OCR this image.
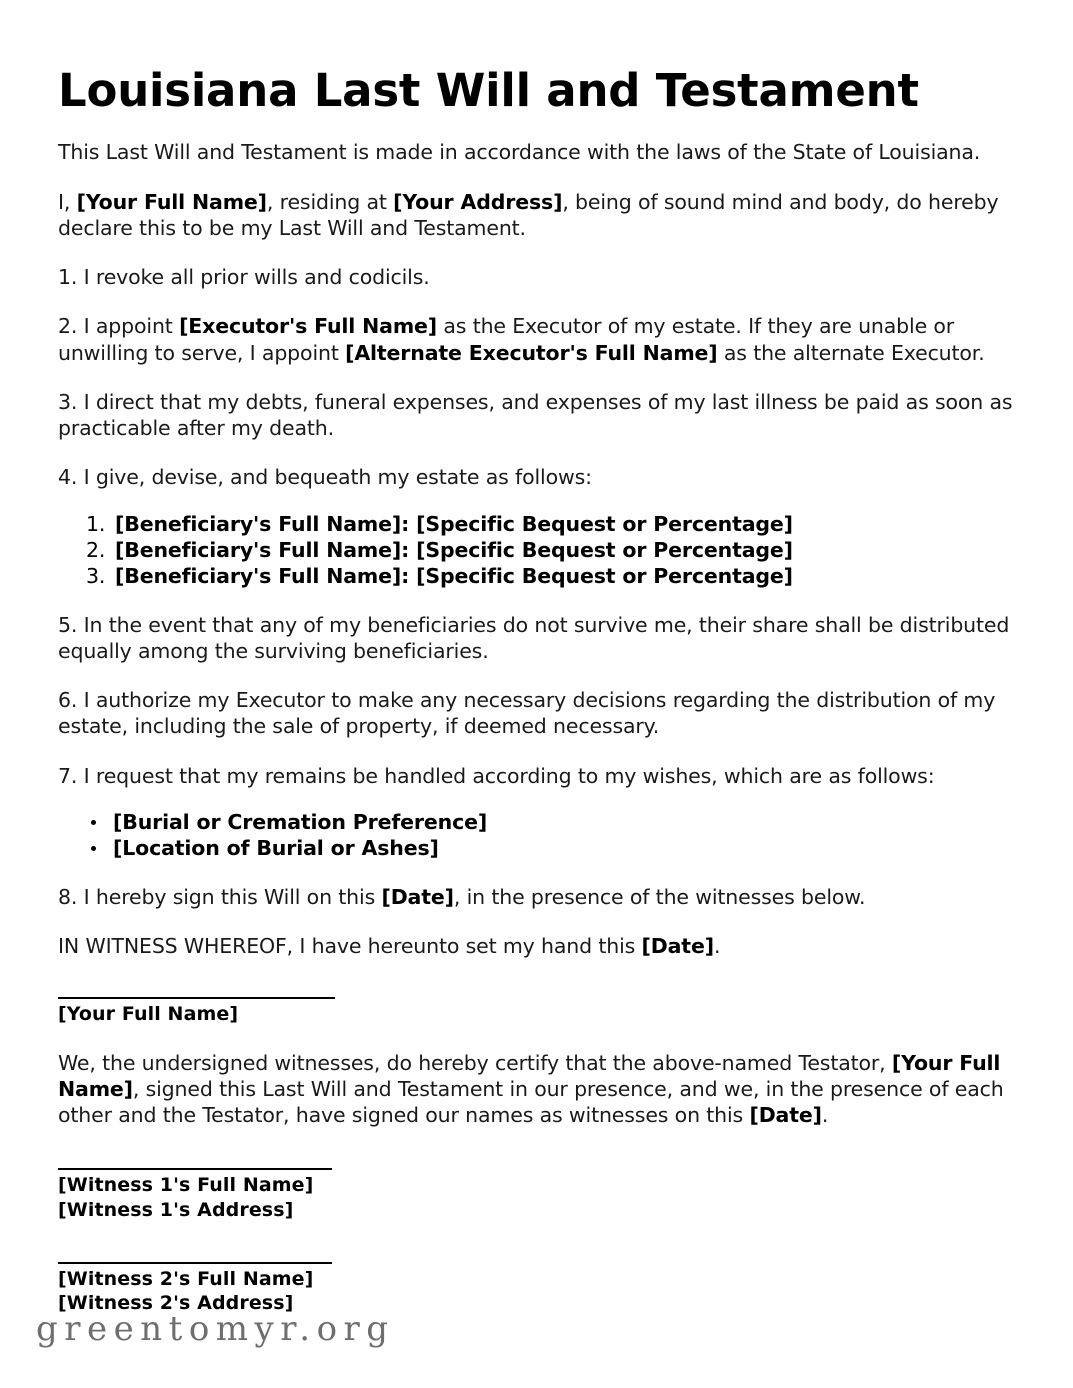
Louisiana Last Will and Testament

This Last Will and Testament is made in accordance with the laws of the State of Louisiana.

I, [Your Full Name], residing at [Your Address], being of sound mind and body, do hereby declare this to be my Last Will and Testament.

1. I revoke all prior wills and codicils.

2. I appoint [Executor's Full Name] as the Executor of my estate. If they are unable or unwilling to serve, I appoint [Alternate Executor's Full Name] as the alternate Executor.

3. I direct that my debts, funeral expenses, and expenses of my last illness be paid as soon as practicable after my death.

4. I give, devise, and bequeath my estate as follows:

[Beneficiary's Full Name]: [Specific Bequest or Percentage]
[Beneficiary's Full Name]: [Specific Bequest or Percentage]
[Beneficiary's Full Name]: [Specific Bequest or Percentage]

5. In the event that any of my beneficiaries do not survive me, their share shall be distributed equally among the surviving beneficiaries.

6. I authorize my Executor to make any necessary decisions regarding the distribution of my estate, including the sale of property, if deemed necessary.

7. I request that my remains be handled according to my wishes, which are as follows:

[Burial or Cremation Preference]
[Location of Burial or Ashes]

8. I hereby sign this Will on this [Date], in the presence of the witnesses below.

IN WITNESS WHEREOF, I have hereunto set my hand this [Date].

[Your Full Name]

We, the undersigned witnesses, do hereby certify that the above-named Testator, [Your Full Name], signed this Last Will and Testament in our presence, and we, in the presence of each other and the Testator, have signed our names as witnesses on this [Date].

[Witness 1's Full Name]

[Witness 1's Address]

[Witness 2's Full Name]

[Witness 2's Address]

greentomyr.org
